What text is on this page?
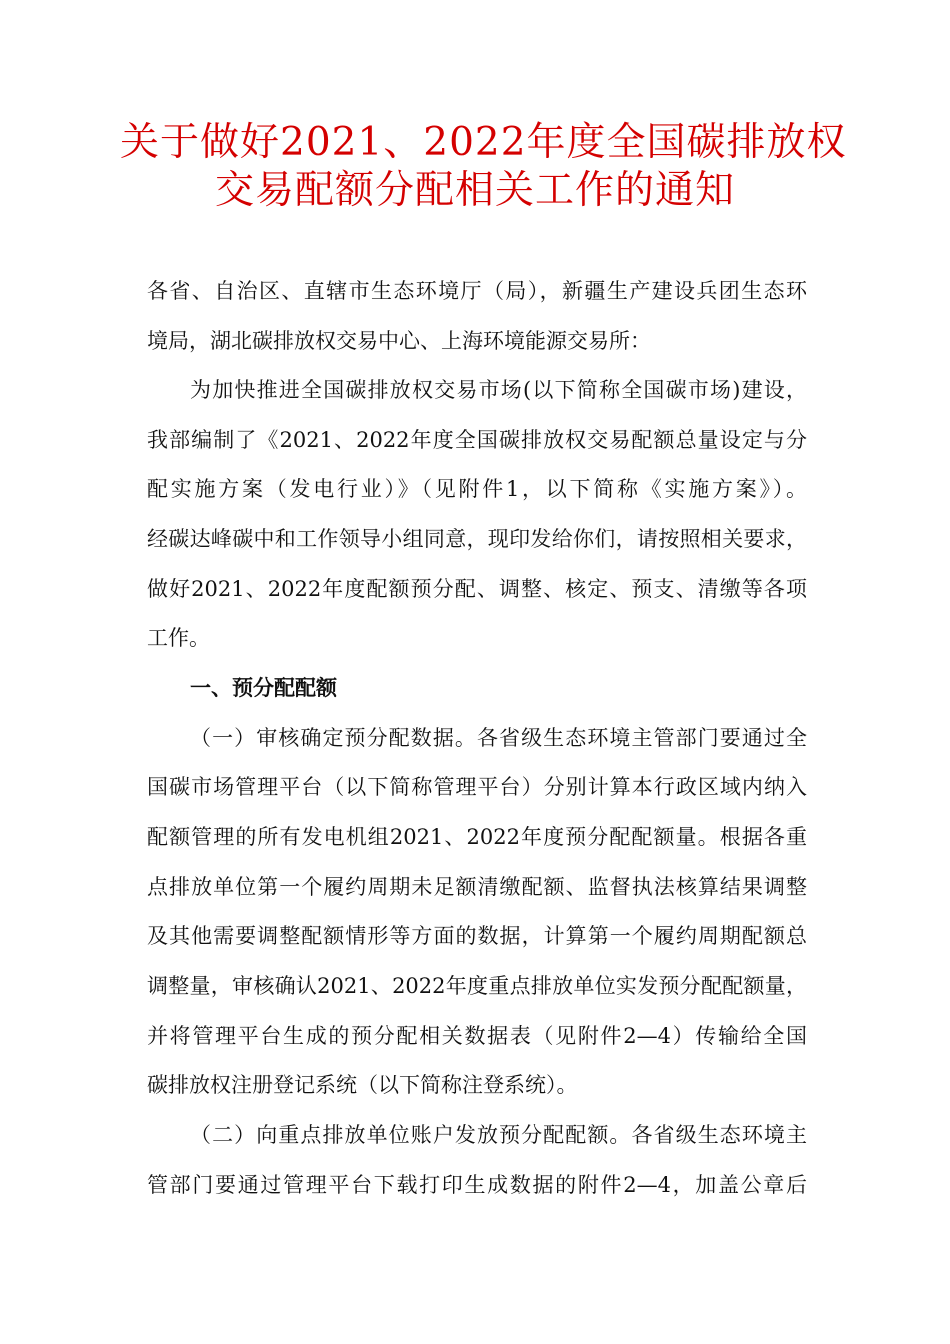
关于做好2021、2022年度全国碳排放权
交易配额分配相关工作的通知
各省、自治区、直辖市生态环境厅（局），新疆生产建设兵团生态环
境局，湖北碳排放权交易中心、上海环境能源交易所：
为加快推进全国碳排放权交易市场(以下简称全国碳市场)建设，
我部编制了《2021、2022年度全国碳排放权交易配额总量设定与分
配实施方案（发电行业）》（见附件1，以下简称《实施方案》）。
经碳达峰碳中和工作领导小组同意，现印发给你们，请按照相关要求，
做好2021、2022年度配额预分配、调整、核定、预支、清缴等各项
工作。
一、预分配配额
（一）审核确定预分配数据。各省级生态环境主管部门要通过全
国碳市场管理平台（以下简称管理平台）分别计算本行政区域内纳入
配额管理的所有发电机组2021、2022年度预分配配额量。根据各重
点排放单位第一个履约周期未足额清缴配额、监督执法核算结果调整
及其他需要调整配额情形等方面的数据，计算第一个履约周期配额总
调整量，审核确认2021、2022年度重点排放单位实发预分配配额量，
并将管理平台生成的预分配相关数据表（见附件2—4）传输给全国
碳排放权注册登记系统（以下简称注登系统）。
（二）向重点排放单位账户发放预分配配额。各省级生态环境主
管部门要通过管理平台下载打印生成数据的附件2—4，加盖公章后
